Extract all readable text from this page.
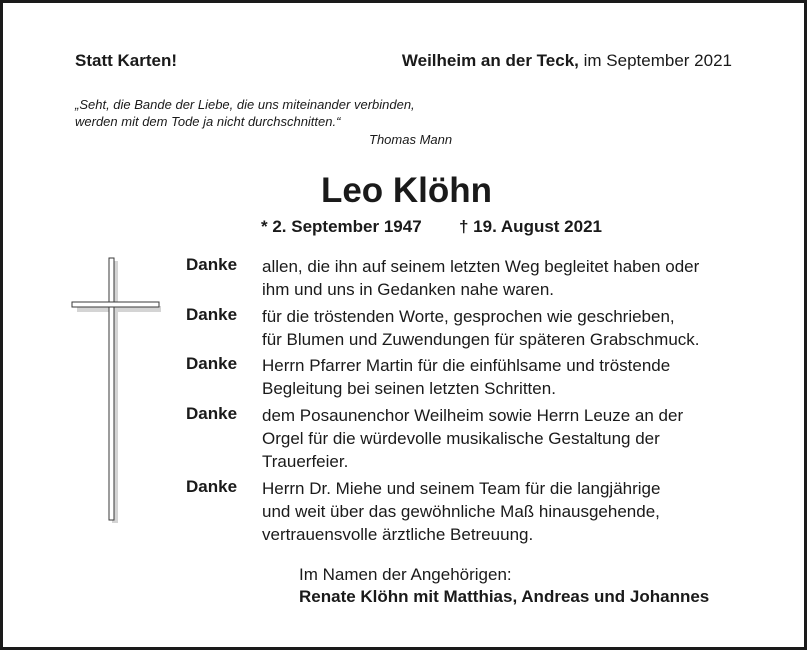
Statt Karten!	Weilheim an der Teck, im September 2021
„Seht, die Bande der Liebe, die uns miteinander verbinden,
werden mit dem Tode ja nicht durchschnitten.“
Thomas Mann
Leo Klöhn
* 2. September 1947 † 19. August 2021
Danke allen, die ihn auf seinem letzten Weg begleitet haben oder
ihm und uns in Gedanken nahe waren.
Danke für die tröstenden Worte, gesprochen wie geschrieben,
für Blumen und Zuwendungen für späteren Grabschmuck.
Danke Herrn Pfarrer Martin für die einfühlsame und tröstende
Begleitung bei seinen letzten Schritten.
Danke dem Posaunenchor Weilheim sowie Herrn Leuze an der
Orgel für die würdevolle musikalische Gestaltung der
Trauerfeier.
Danke Herrn Dr. Miehe und seinem Team für die langjährige
und weit über das gewöhnliche Maß hinausgehende,
vertrauensvolle ärztliche Betreuung.
Im Namen der Angehörigen:
Renate Klöhn mit Matthias, Andreas und Johannes
